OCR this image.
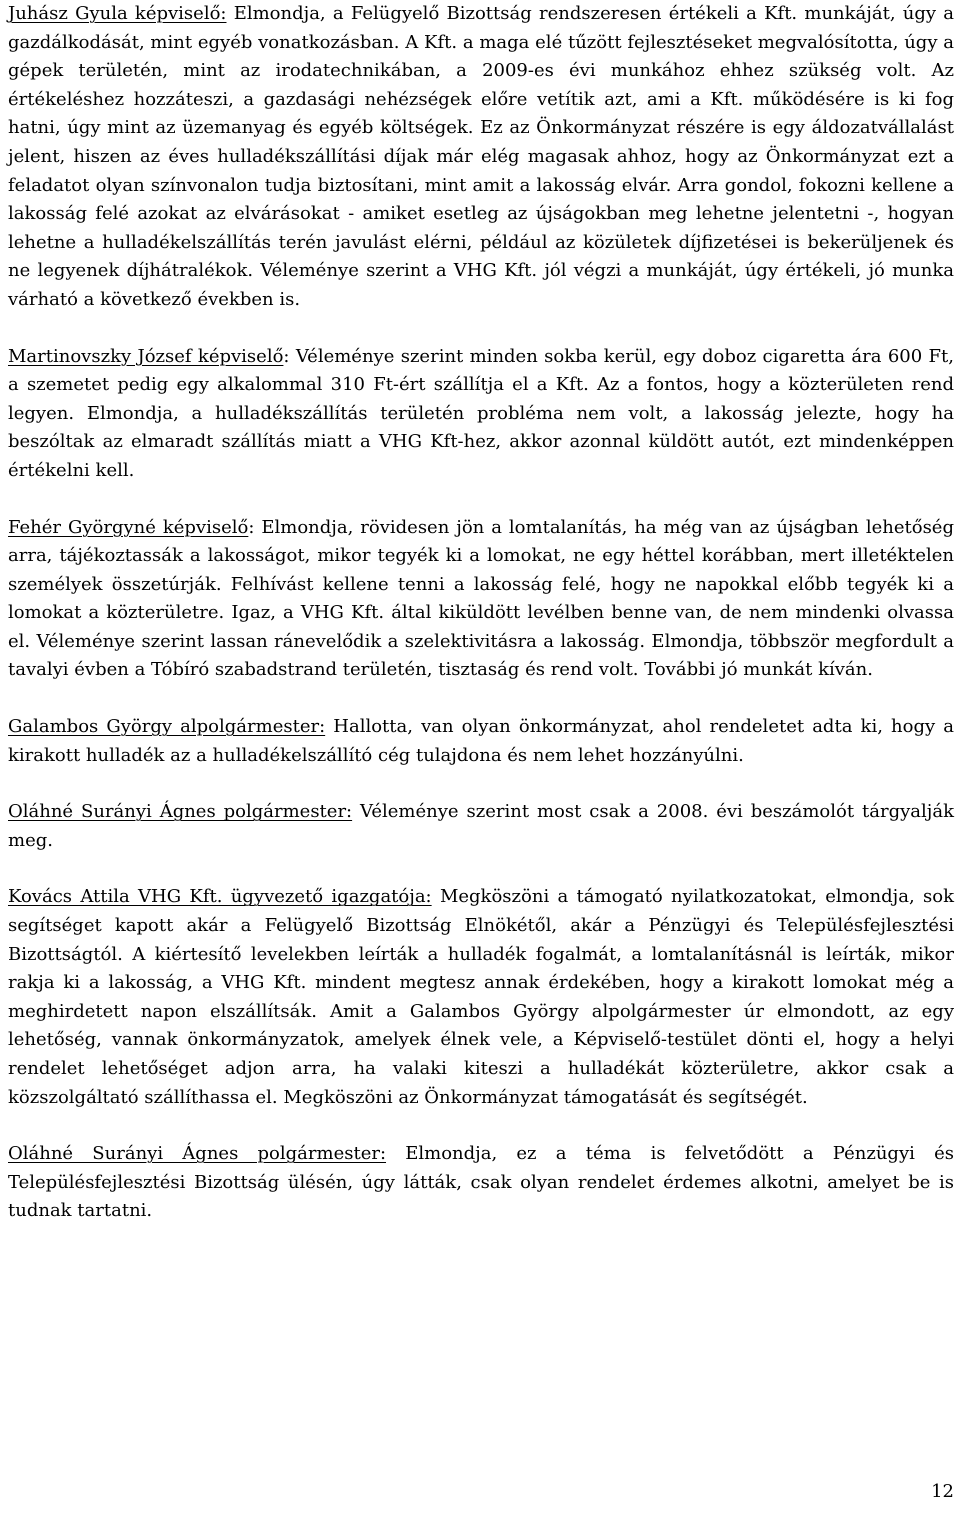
Juhász Gyula képviselő: Elmondja, a Felügyelő Bizottság rendszeresen értékeli a Kft. munkáját, úgy a gazdálkodását, mint egyéb vonatkozásban. A Kft. a maga elé tűzött fejlesztéseket megvalósította, úgy a gépek területén, mint az irodatechnikában, a 2009-es évi munkához ehhez szükség volt. Az értékeléshez hozzáteszi, a gazdasági nehézségek előre vetítik azt, ami a Kft. működésére is ki fog hatni, úgy mint az üzemanyag és egyéb költségek. Ez az Önkormányzat részére is egy áldozatvállalást jelent, hiszen az éves hulladékszállítási díjak már elég magasak ahhoz, hogy az Önkormányzat ezt a feladatot olyan színvonalon tudja biztosítani, mint amit a lakosság elvár. Arra gondol, fokozni kellene a lakosság felé azokat az elvárásokat - amiket esetleg az újságokban meg lehetne jelentetni -, hogyan lehetne a hulladékelszállítás terén javulást elérni, például az közületek díjfizetései is bekerüljenek és ne legyenek díjhátralékok. Véleménye szerint a VHG Kft. jól végzi a munkáját, úgy értékeli, jó munka várható a következő években is.

Martinovszky József képviselő: Véleménye szerint minden sokba kerül, egy doboz cigaretta ára 600 Ft, a szemetet pedig egy alkalommal 310 Ft-ért szállítja el a Kft. Az a fontos, hogy a közterületen rend legyen. Elmondja, a hulladékszállítás területén probléma nem volt, a lakosság jelezte, hogy ha beszóltak az elmaradt szállítás miatt a VHG Kft-hez, akkor azonnal küldött autót, ezt mindenképpen értékelni kell.

Fehér Györgyné képviselő: Elmondja, rövidesen jön a lomtalanítás, ha még van az újságban lehetőség arra, tájékoztassák a lakosságot, mikor tegyék ki a lomokat, ne egy héttel korábban, mert illetéktelen személyek összetúrják. Felhívást kellene tenni a lakosság felé, hogy ne napokkal előbb tegyék ki a lomokat a közterületre. Igaz, a VHG Kft. által kiküldött levélben benne van, de nem mindenki olvassa el. Véleménye szerint lassan ránevelődik a szelektivitásra a lakosság. Elmondja, többször megfordult a tavalyi évben a Tóbíró szabadstrand területén, tisztaság és rend volt. További jó munkát kíván.

Galambos György alpolgármester: Hallotta, van olyan önkormányzat, ahol rendeletet adta ki, hogy a kirakott hulladék az a hulladékelszállító cég tulajdona és nem lehet hozzányúlni.

Oláhné Surányi Ágnes polgármester: Véleménye szerint most csak a 2008. évi beszámolót tárgyalják meg.

Kovács Attila VHG Kft. ügyvezető igazgatója: Megköszöni a támogató nyilatkozatokat, elmondja, sok segítséget kapott akár a Felügyelő Bizottság Elnökétől, akár a Pénzügyi és Településfejlesztési Bizottságtól. A kiértesítő levelekben leírták a hulladék fogalmát, a lomtalanításnál is leírták, mikor rakja ki a lakosság, a VHG Kft. mindent megtesz annak érdekében, hogy a kirakott lomokat még a meghirdetett napon elszállítsák. Amit a Galambos György alpolgármester úr elmondott, az egy lehetőség, vannak önkormányzatok, amelyek élnek vele, a Képviselő-testület dönti el, hogy a helyi rendelet lehetőséget adjon arra, ha valaki kiteszi a hulladékát közterületre, akkor csak a közszolgáltató szállíthassa el. Megköszöni az Önkormányzat támogatását és segítségét.

Oláhné Surányi Ágnes polgármester: Elmondja, ez a téma is felvetődött a Pénzügyi és Településfejlesztési Bizottság ülésén, úgy látták, csak olyan rendelet érdemes alkotni, amelyet be is tudnak tartatni.

12
